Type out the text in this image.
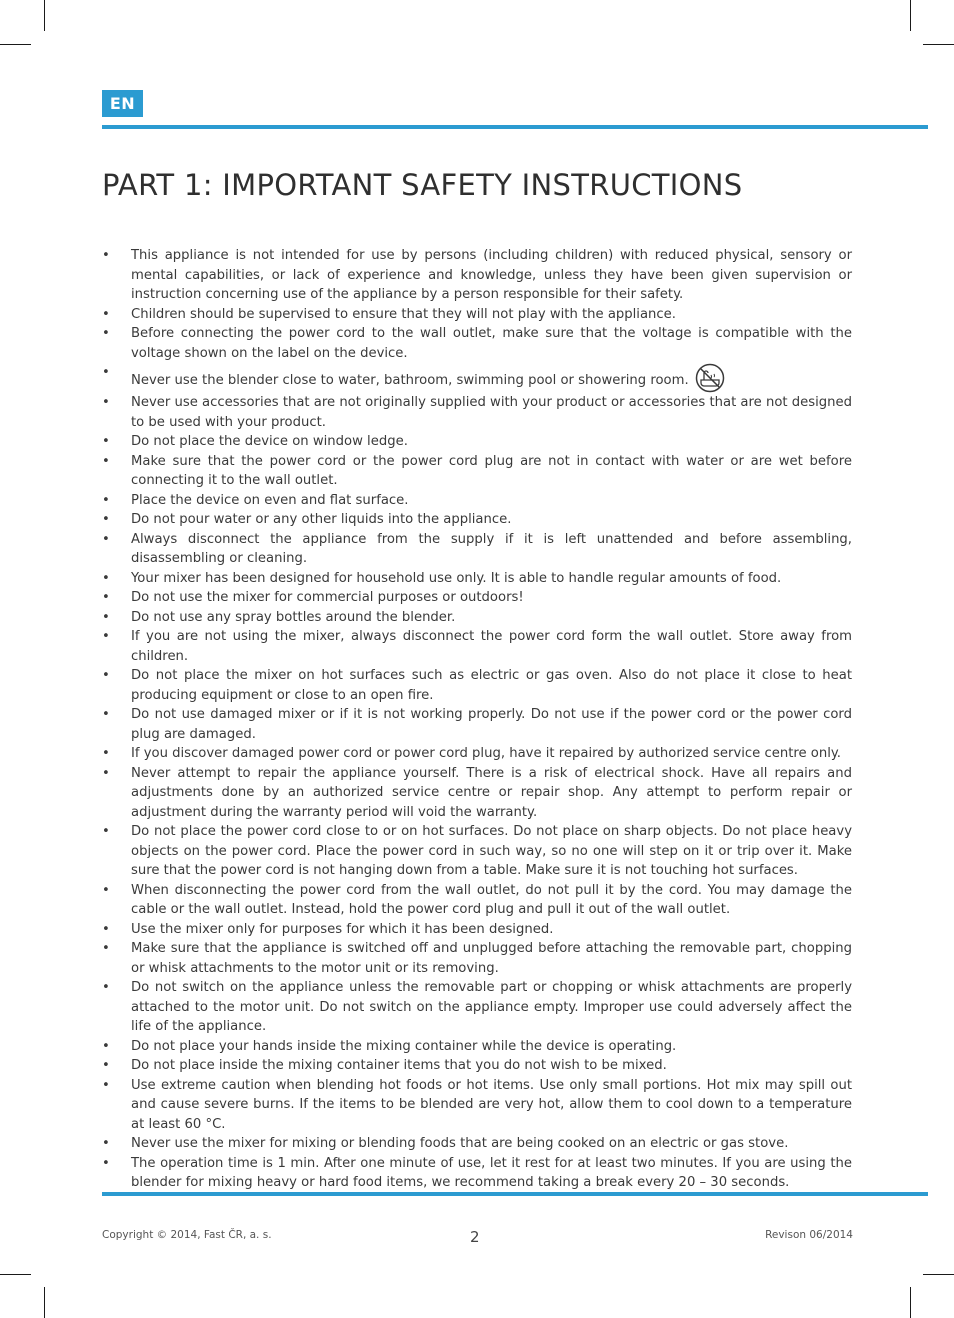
EN
PART 1: IMPORTANT SAFETY INSTRUCTIONS
• This appliance is not intended for use by persons (including children) with reduced physical, sensory or mental capabilities, or lack of experience and knowledge, unless they have been given supervision or instruction concerning use of the appliance by a person responsible for their safety.
• Children should be supervised to ensure that they will not play with the appliance.
• Before connecting the power cord to the wall outlet, make sure that the voltage is compatible with the voltage shown on the label on the device.
•
Never use the blender close to water, bathroom, swimming pool or showering room.
• Never use accessories that are not originally supplied with your product or accessories that are not designed to be used with your product.
• Do not place the device on window ledge.
• Make sure that the power cord or the power cord plug are not in contact with water or are wet before connecting it to the wall outlet.
• Place the device on even and flat surface.
• Do not pour water or any other liquids into the appliance.
• Always disconnect the appliance from the supply if it is left unattended and before assembling, disassembling or cleaning.
• Your mixer has been designed for household use only. It is able to handle regular amounts of food.
• Do not use the mixer for commercial purposes or outdoors!
• Do not use any spray bottles around the blender.
• If you are not using the mixer, always disconnect the power cord form the wall outlet. Store away from children.
• Do not place the mixer on hot surfaces such as electric or gas oven. Also do not place it close to heat producing equipment or close to an open fire.
• Do not use damaged mixer or if it is not working properly. Do not use if the power cord or the power cord plug are damaged.
• If you discover damaged power cord or power cord plug, have it repaired by authorized service centre only.
• Never attempt to repair the appliance yourself. There is a risk of electrical shock. Have all repairs and adjustments done by an authorized service centre or repair shop. Any attempt to perform repair or adjustment during the warranty period will void the warranty.
• Do not place the power cord close to or on hot surfaces. Do not place on sharp objects. Do not place heavy objects on the power cord. Place the power cord in such way, so no one will step on it or trip over it. Make sure that the power cord is not hanging down from a table. Make sure it is not touching hot surfaces.
• When disconnecting the power cord from the wall outlet, do not pull it by the cord. You may damage the cable or the wall outlet. Instead, hold the power cord plug and pull it out of the wall outlet.
• Use the mixer only for purposes for which it has been designed.
• Make sure that the appliance is switched off and unplugged before attaching the removable part, chopping or whisk attachments to the motor unit or its removing.
• Do not switch on the appliance unless the removable part or chopping or whisk attachments are properly attached to the motor unit. Do not switch on the appliance empty. Improper use could adversely affect the life of the appliance.
• Do not place your hands inside the mixing container while the device is operating.
• Do not place inside the mixing container items that you do not wish to be mixed.
• Use extreme caution when blending hot foods or hot items. Use only small portions. Hot mix may spill out and cause severe burns. If the items to be blended are very hot, allow them to cool down to a temperature at least 60 °C.
• Never use the mixer for mixing or blending foods that are being cooked on an electric or gas stove.
• The operation time is 1 min. After one minute of use, let it rest for at least two minutes. If you are using the blender for mixing heavy or hard food items, we recommend taking a break every 20 – 30 seconds.
Copyright © 2014, Fast ČR, a. s.	2	Revison 06/2014
